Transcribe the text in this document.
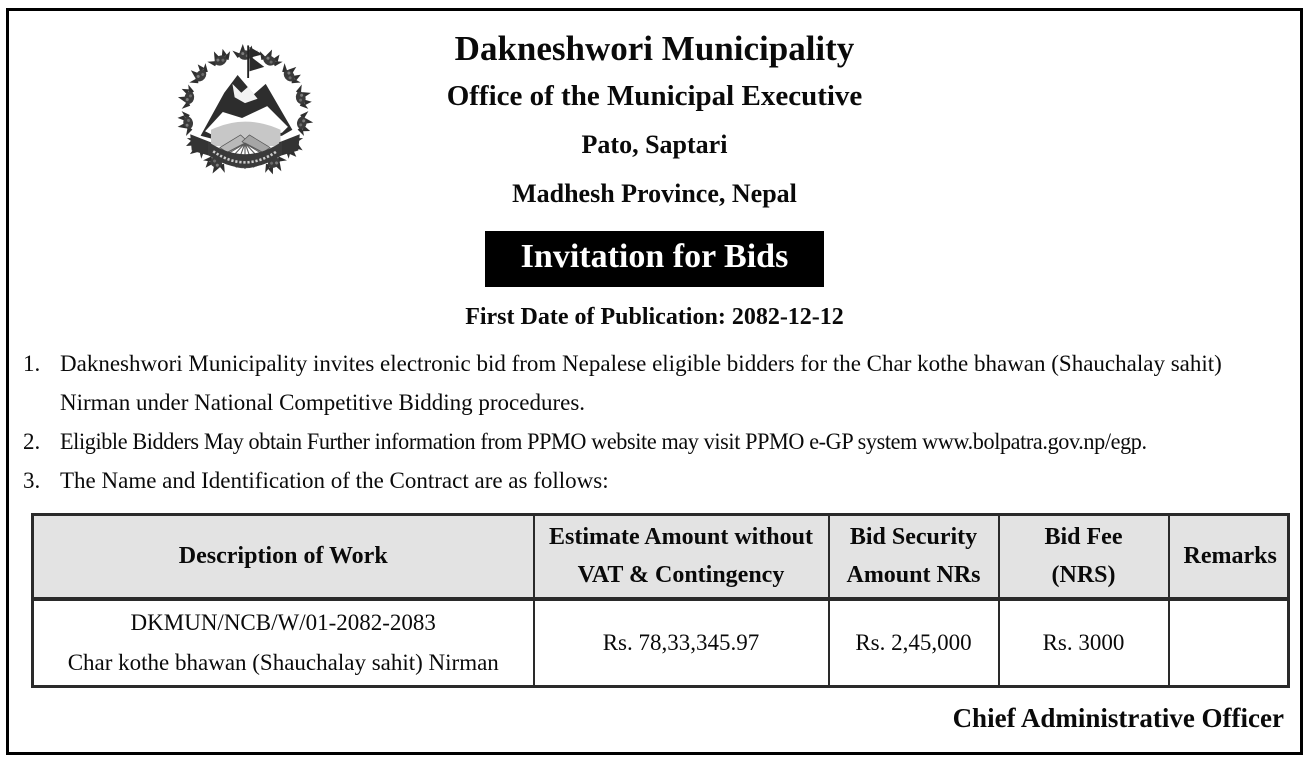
Dakneshwori Municipality
Office of the Municipal Executive
Pato, Saptari
Madhesh Province, Nepal
Invitation for Bids
First Date of Publication: 2082-12-12
1. Dakneshwori Municipality invites electronic bid from Nepalese eligible bidders for the Char kothe bhawan (Shauchalay sahit) Nirman under National Competitive Bidding procedures.
2. Eligible Bidders May obtain Further information from PPMO website may visit PPMO e-GP system www.bolpatra.gov.np/egp.
3. The Name and Identification of the Contract are as follows:
Description of Work	Estimate Amount without VAT & Contingency	Bid Security Amount NRs	Bid Fee (NRS)	Remarks

DKMUN/NCB/W/01-2082-2083
Char kothe bhawan (Shauchalay sahit) Nirman	Rs. 78,33,345.97	Rs. 2,45,000	Rs. 3000	
Chief Administrative Officer
